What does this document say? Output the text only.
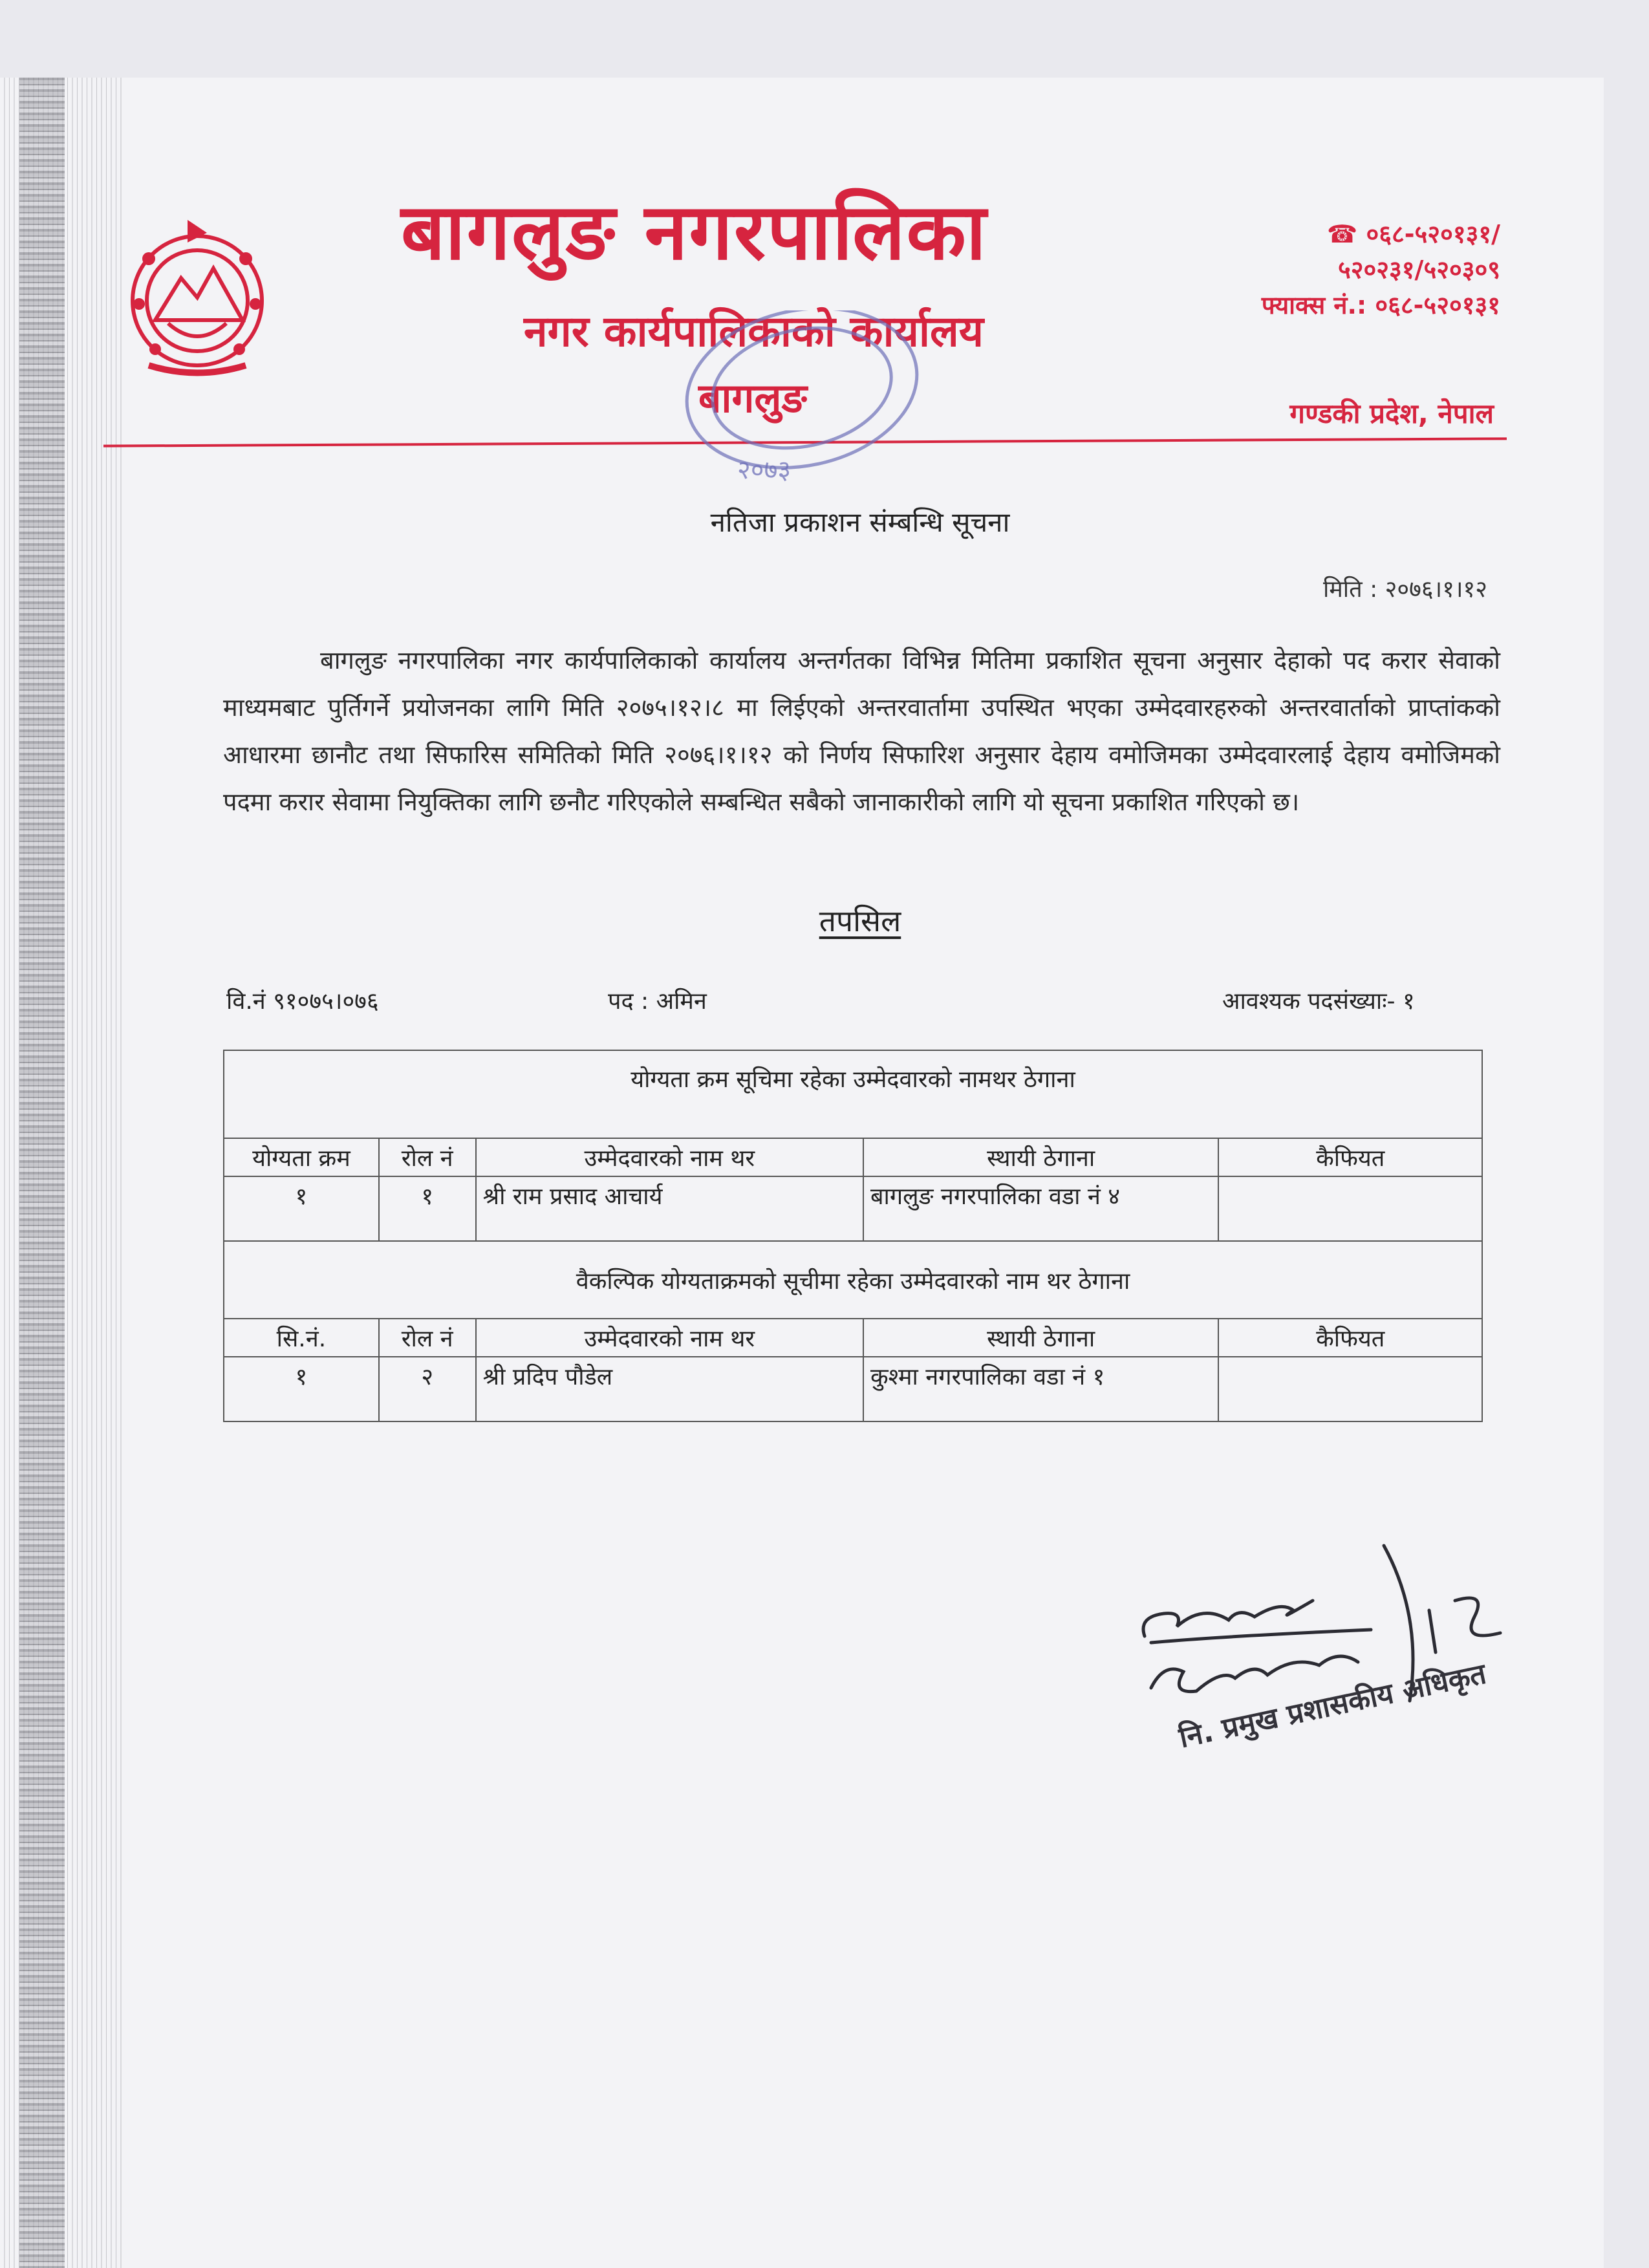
बागलुङ नगरपालिका
नगर कार्यपालिकाको कार्यालय
बागलुङ
☎ ०६८-५२०१३१/
५२०२३१/५२०३०९
फ्याक्स नं.: ०६८-५२०१३१
गण्डकी प्रदेश, नेपाल
२०७३
नतिजा प्रकाशन संम्बन्धि सूचना
मिति : २०७६।१।१२
बागलुङ नगरपालिका नगर कार्यपालिकाको कार्यालय अन्तर्गतका विभिन्न मितिमा प्रकाशित सूचना अनुसार देहाको पद करार सेवाको माध्यमबाट पुर्तिगर्ने प्रयोजनका लागि मिति २०७५।१२।८ मा लिईएको अन्तरवार्तामा उपस्थित भएका उम्मेदवारहरुको अन्तरवार्ताको प्राप्तांकको आधारमा छानौट तथा सिफारिस समितिको मिति २०७६।१।१२ को निर्णय सिफारिश अनुसार देहाय वमोजिमका उम्मेदवारलाई देहाय वमोजिमको पदमा करार सेवामा नियुक्तिका लागि छनौट गरिएकोले सम्बन्धित सबैको जानाकारीको लागि यो सूचना प्रकाशित गरिएको छ।
तपसिल
वि.नं ९१०७५।०७६	पद : अमिन	आवश्यक पदसंख्याः- १
योग्यता क्रम सूचिमा रहेका उम्मेदवारको नामथर ठेगाना				
योग्यता क्रम	रोल नं	उम्मेदवारको नाम थर	स्थायी ठेगाना	कैफियत
१	१	श्री राम प्रसाद आचार्य	बागलुङ नगरपालिका वडा नं ४	
वैकल्पिक योग्यताक्रमको सूचीमा रहेका उम्मेदवारको नाम थर ठेगाना				
सि.नं.	रोल नं	उम्मेदवारको नाम थर	स्थायी ठेगाना	कैफियत
१	२	श्री प्रदिप पौडेल	कुश्मा नगरपालिका वडा नं १	
नि. प्रमुख प्रशासकीय अधिकृत
